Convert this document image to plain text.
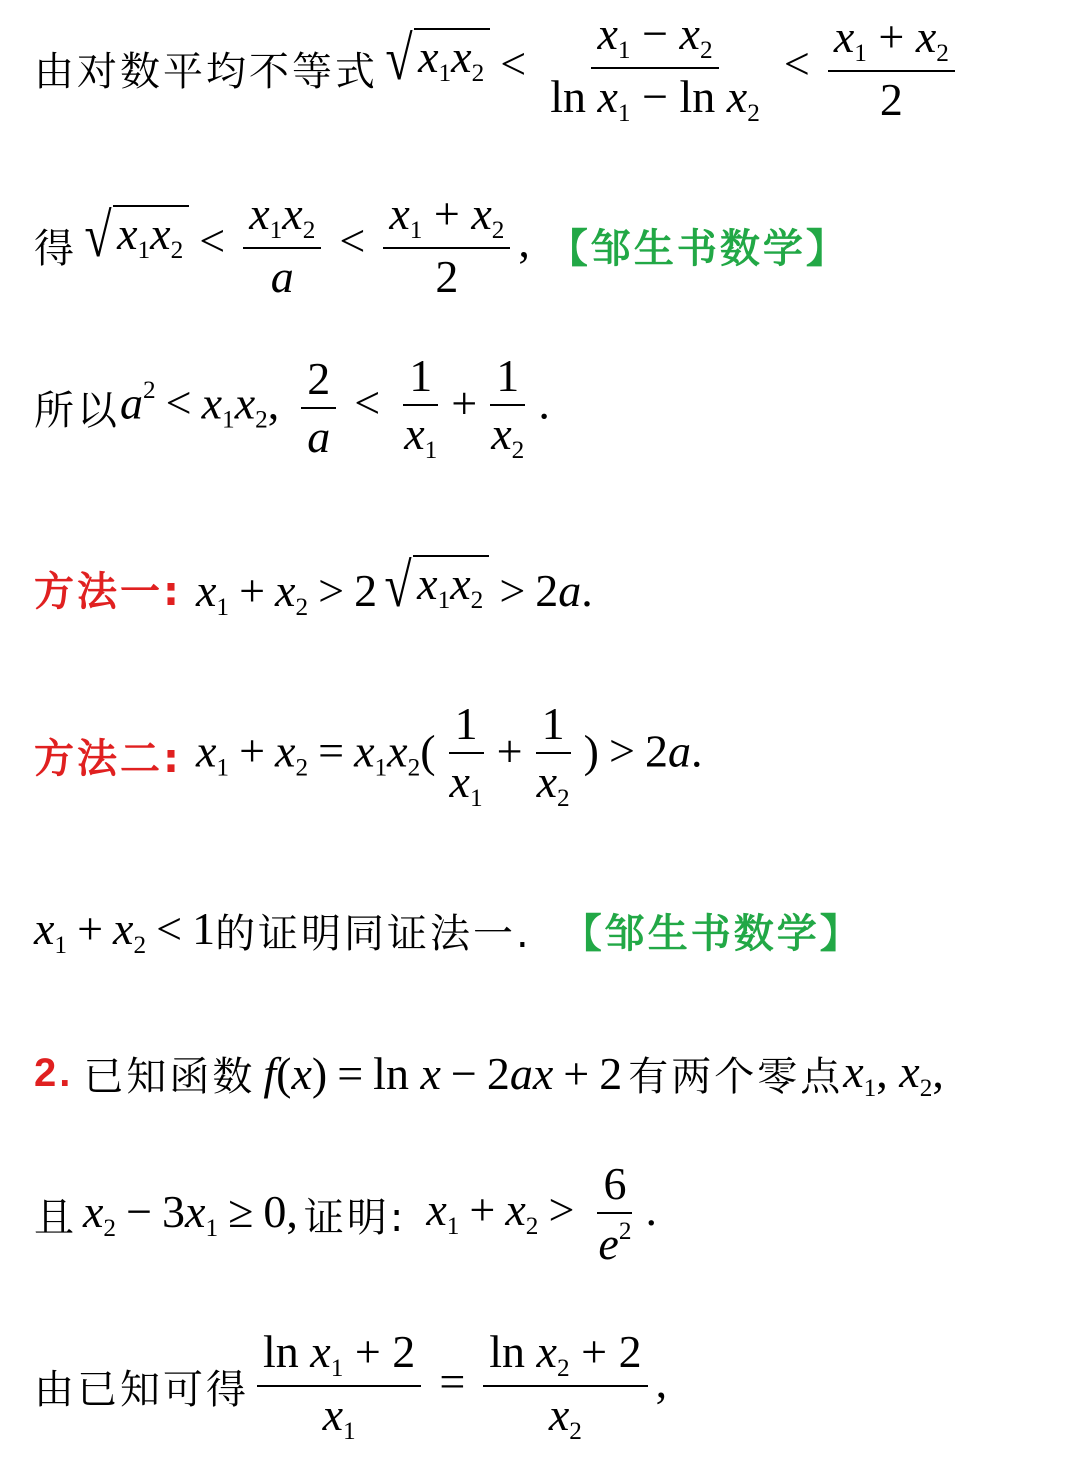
由对数平均不等式 √ $x1x2 < \frac{x1 - x2}{\text{ln x1 − ln x2}} < \frac{x1 + x2}{2}$
得 √ $x1x2 < \frac{x1x2}{a} < \frac{x1 + x2}{2}$ , 【邹生书数学】
所以 $a^2 < x1x2$, $\frac{2}{a} < \frac{1}{x1} + \frac{1}{x2}$ .
方法一: x1 + x2 > 2 √ x1x2 > 2a.
方法二: $x1 + x2 = x1x2( \frac{1}{x1} + \frac{1}{x2}$ ) > 2a.
x1 + x2 < 1 的证明同证法一. 【邹生书数学】
2. 已知函数 f(x) = ln x − 2ax + 2 有两个零点 x1, x2,
且 x2 − 3x1 ≥ 0, 证明: $x1 + x2 > \frac{6}{e^2}$ .
由已知可得 $\frac{\text{ln x1 + 2}}{x1} = \frac{\text{ln x2 + 2}}{x2}$ ,
